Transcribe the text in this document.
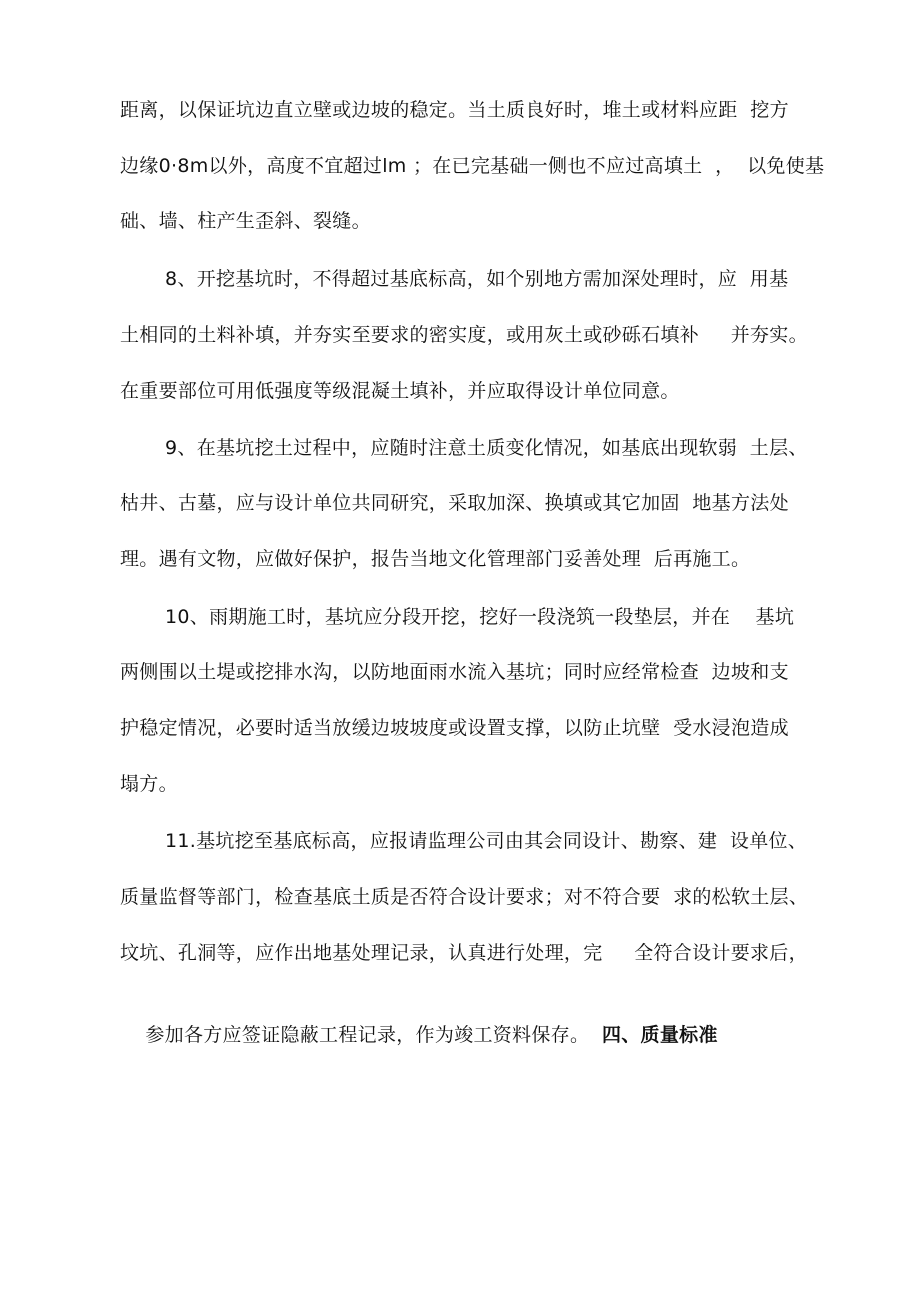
距离，以保证坑边直立壁或边坡的稳定。当土质良好时，堆土或材料应距  挖方
边缘0·8m以外，高度不宜超过lm ；在已完基础一侧也不应过高填土  ，  以免使基
础、墙、柱产生歪斜、裂缝。
8、开挖基坑时，不得超过基底标高，如个别地方需加深处理时，应  用基
土相同的土料补填，并夯实至要求的密实度，或用灰土或砂砾石填补     并夯实。
在重要部位可用低强度等级混凝土填补，并应取得设计单位同意。
9、在基坑挖土过程中，应随时注意土质变化情况，如基底出现软弱  土层、
枯井、古墓，应与设计单位共同研究，采取加深、换填或其它加固  地基方法处
理。遇有文物，应做好保护，报告当地文化管理部门妥善处理  后再施工。
10、雨期施工时，基坑应分段开挖，挖好一段浇筑一段垫层，并在    基坑
两侧围以土堤或挖排水沟，以防地面雨水流入基坑；同时应经常检查  边坡和支
护稳定情况，必要时适当放缓边坡坡度或设置支撑，以防止坑壁  受水浸泡造成
塌方。
11.基坑挖至基底标高，应报请监理公司由其会同设计、勘察、建  设单位、
质量监督等部门，检查基底土质是否符合设计要求；对不符合要  求的松软土层、
坟坑、孔洞等，应作出地基处理记录，认真进行处理，完     全符合设计要求后，

参加各方应签证隐蔽工程记录，作为竣工资料保存。 四、质量标准
